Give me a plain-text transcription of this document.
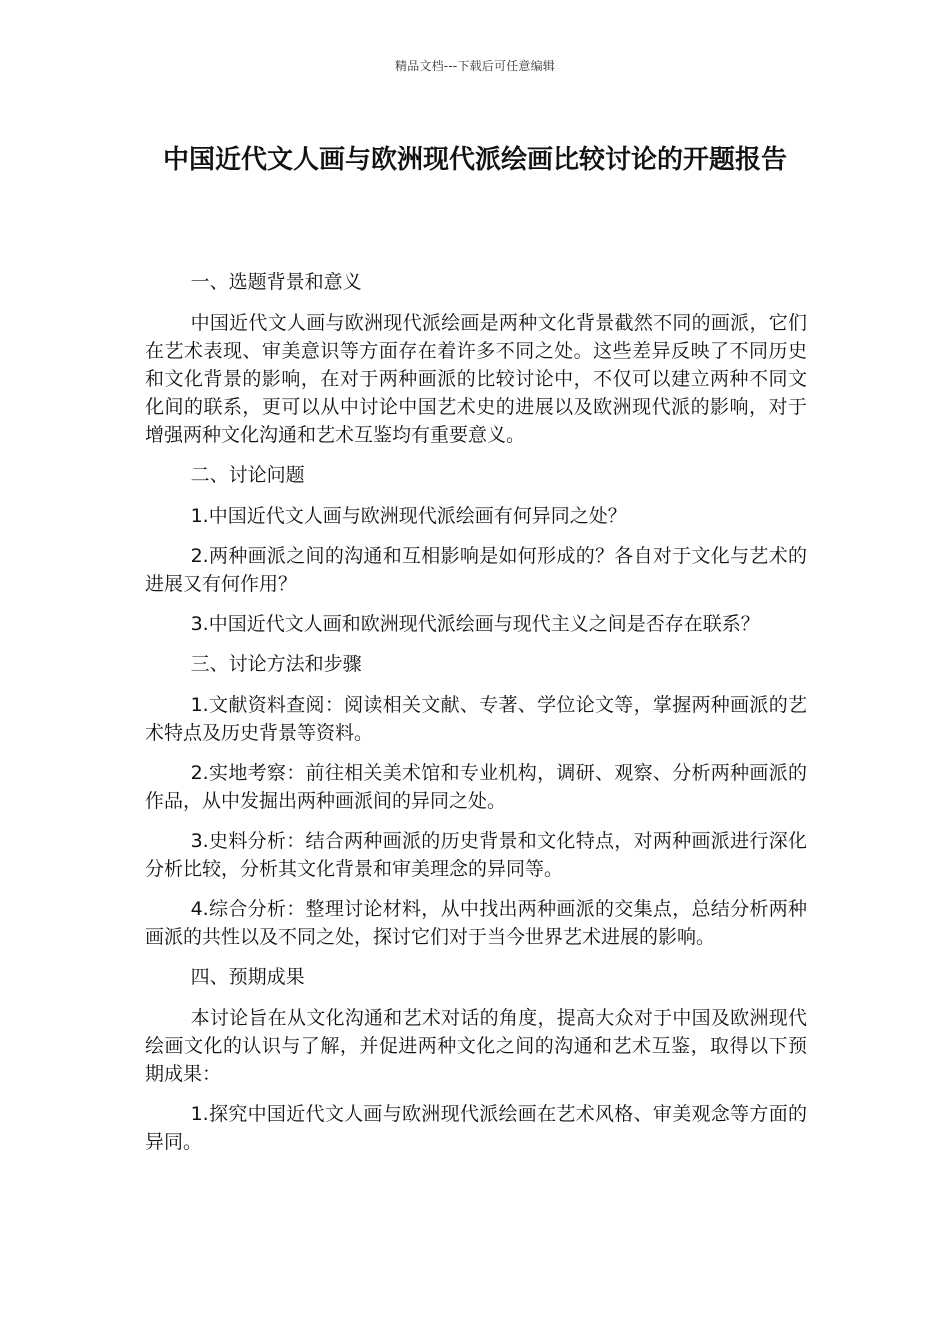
精品文档---下载后可任意编辑
中国近代文人画与欧洲现代派绘画比较讨论的开题报告

一、选题背景和意义

中国近代文人画与欧洲现代派绘画是两种文化背景截然不同的画派，它们在艺术表现、审美意识等方面存在着许多不同之处。这些差异反映了不同历史和文化背景的影响，在对于两种画派的比较讨论中，不仅可以建立两种不同文化间的联系，更可以从中讨论中国艺术史的进展以及欧洲现代派的影响，对于增强两种文化沟通和艺术互鉴均有重要意义。

二、讨论问题

1.中国近代文人画与欧洲现代派绘画有何异同之处？

2.两种画派之间的沟通和互相影响是如何形成的？各自对于文化与艺术的进展又有何作用？

3.中国近代文人画和欧洲现代派绘画与现代主义之间是否存在联系？

三、讨论方法和步骤

1.文献资料查阅：阅读相关文献、专著、学位论文等，掌握两种画派的艺术特点及历史背景等资料。

2.实地考察：前往相关美术馆和专业机构，调研、观察、分析两种画派的作品，从中发掘出两种画派间的异同之处。

3.史料分析：结合两种画派的历史背景和文化特点，对两种画派进行深化分析比较，分析其文化背景和审美理念的异同等。

4.综合分析：整理讨论材料，从中找出两种画派的交集点，总结分析两种画派的共性以及不同之处，探讨它们对于当今世界艺术进展的影响。

四、预期成果

本讨论旨在从文化沟通和艺术对话的角度，提高大众对于中国及欧洲现代绘画文化的认识与了解，并促进两种文化之间的沟通和艺术互鉴，取得以下预期成果：

1.探究中国近代文人画与欧洲现代派绘画在艺术风格、审美观念等方面的异同。
